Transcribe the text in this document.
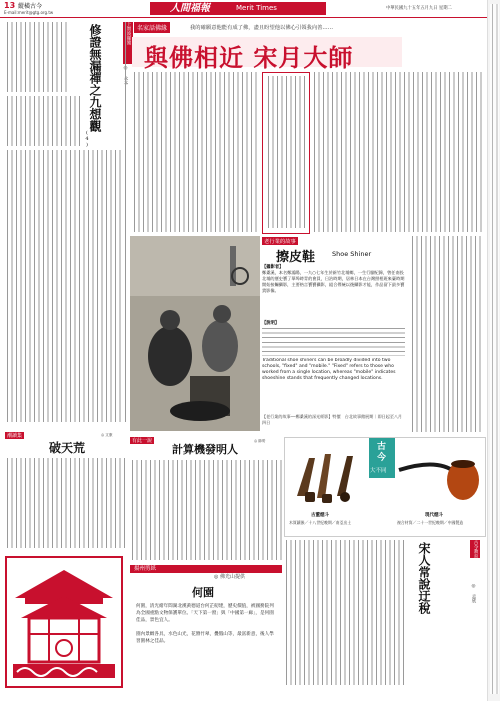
13 縱橫古今
E-mail:merit@gtg.org.tw	人間福報	Merit Times	中華民國九十五年五月九日 星期二
上智波羅蜜
修證無漏禪之九想觀
(4)
潮讀集
破天荒
◎ 文康
名家話佛緣	我的確願意他能有成了佛，盡且盼望他以佛心引領我向善……
與佛相近 宋月大師
老行業的故事
擦皮鞋	Shoe Shiner
【攝影者】
鄭桑溪，本名鄭鴻陽，一九○七年生於新竹北埔鄉，一生行腳紀錄，曾任南投北埔的歷史寶了華埠時青的會員，日治時期，居林日本在台灣照相班來臺時期開始接觸攝影，主要格言寶寶攝影，組合傳統以後攝影才能，作品留下最多寶貴影像。
【說明】
Traditional shoe shiners can be broadly divided into two schools, "fixed" and "mobile." "Fixed" refers to those who worked from a single location, whereas "mobile" indicates shoeshine stands that frequently changed locations.
【老行業的故事──鄭桑溪的深光經影】特價　台北故事館展期｜即日起至八月四日
有此一說
計算機發明人
◎ 帥哥
古
今
大不同
古董煙斗
木質鑲嵌／十八世紀晚期／南亞出土
現代煙斗
複合材質／二十一世紀晚期／中國製造
揚州剪紙
◎ 佛光山提供
何園
何園，清光緒年間湖北漢黃德道台何芷舠建，歷史價值，被國務院列為全國重點文物保護單位。「天下第一窗」與「中國第一廊」，是何園佳品，景色宜人。
園內景緻各具，水色山光，花簪竹翠，疊假山等，最富新意，後人學習園林之佳品。
宋人常說迂稅	古今教育
◎ 孟欣
